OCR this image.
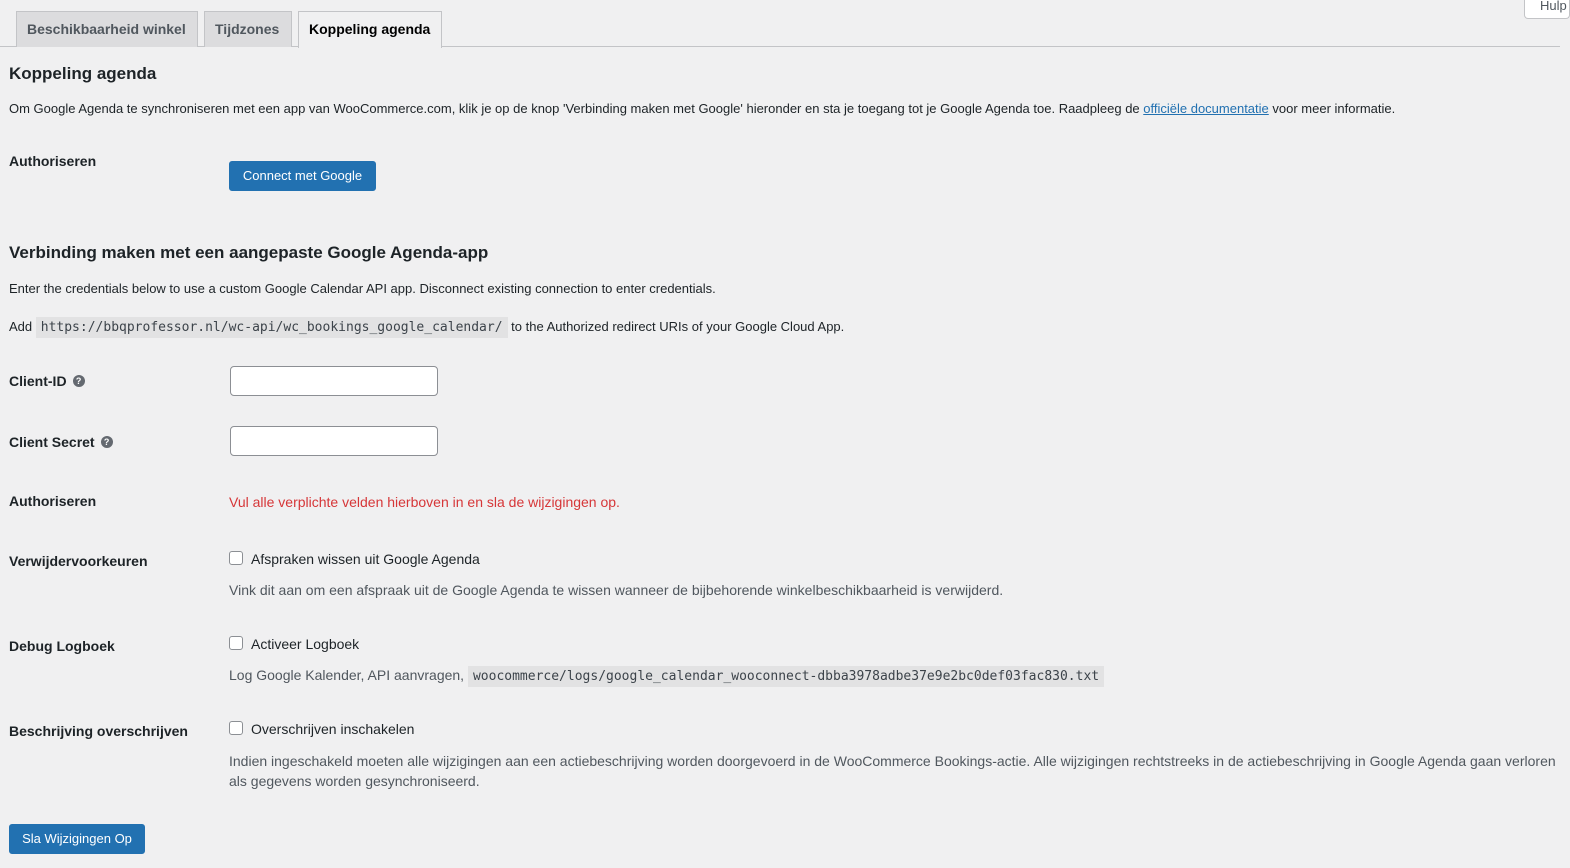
Beschikbaarheid winkel	Tijdzones	Koppeling agenda
Hulp
Koppeling agenda
Om Google Agenda te synchroniseren met een app van WooCommerce.com, klik je op de knop 'Verbinding maken met Google' hieronder en sta je toegang tot je Google Agenda toe. Raadpleeg de officiële documentatie voor meer informatie.
Authoriseren
Connect met Google
Verbinding maken met een aangepaste Google Agenda-app
Enter the credentials below to use a custom Google Calendar API app. Disconnect existing connection to enter credentials.
Add https://bbqprofessor.nl/wc-api/wc_bookings_google_calendar/ to the Authorized redirect URIs of your Google Cloud App.
Client-ID ?
Client Secret ?
Authoriseren	Vul alle verplichte velden hierboven in en sla de wijzigingen op.
Verwijdervoorkeuren	Afspraken wissen uit Google Agenda
Vink dit aan om een afspraak uit de Google Agenda te wissen wanneer de bijbehorende winkelbeschikbaarheid is verwijderd.
Debug Logboek	Activeer Logboek
Log Google Kalender, API aanvragen, woocommerce/logs/google_calendar_wooconnect-dbba3978adbe37e9e2bc0def03fac830.txt
Beschrijving overschrijven	Overschrijven inschakelen
Indien ingeschakeld moeten alle wijzigingen aan een actiebeschrijving worden doorgevoerd in de WooCommerce Bookings-actie. Alle wijzigingen rechtstreeks in de actiebeschrijving in Google Agenda gaan verloren als gegevens worden gesynchroniseerd.
Sla Wijzigingen Op
